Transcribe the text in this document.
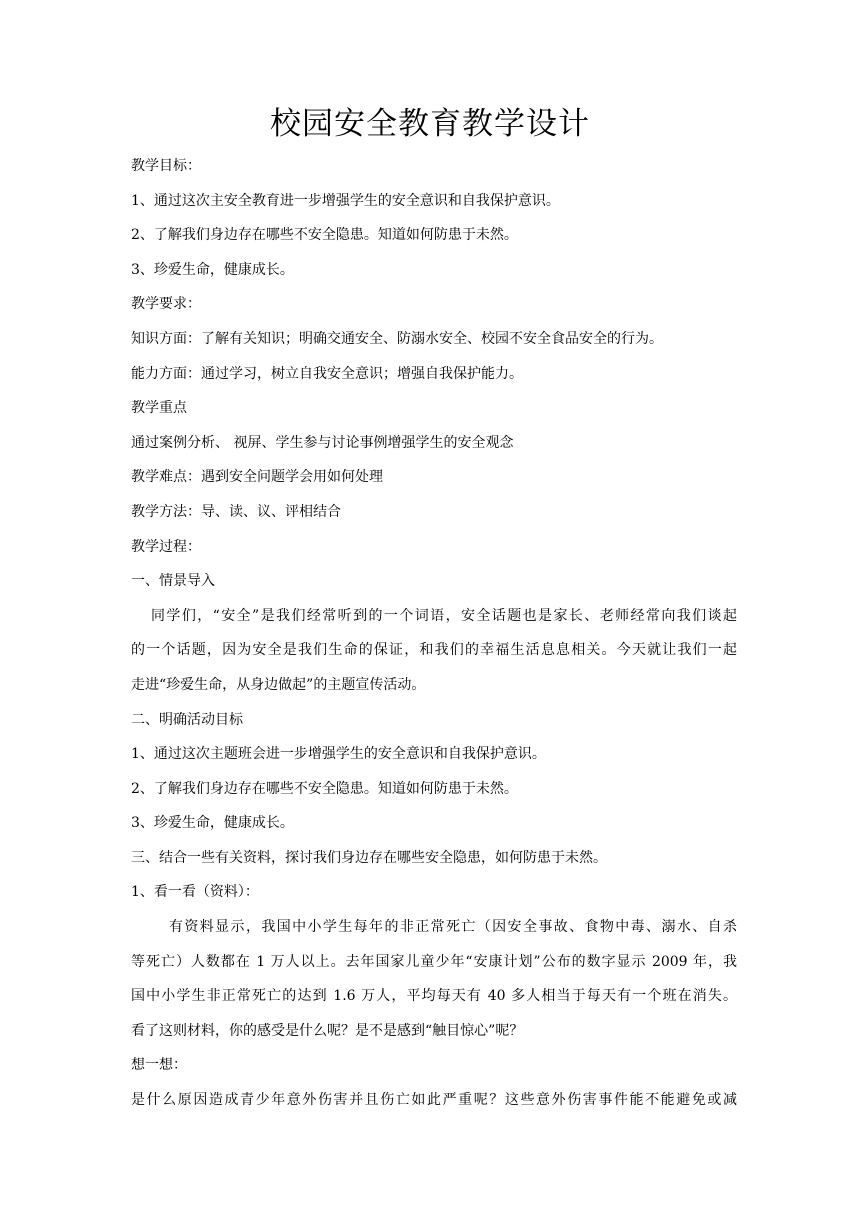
校园安全教育教学设计
教学目标：
1、通过这次主安全教育进一步增强学生的安全意识和自我保护意识。
2、了解我们身边存在哪些不安全隐患。知道如何防患于未然。
3、珍爱生命，健康成长。
教学要求：
知识方面：了解有关知识；明确交通安全、防溺水安全、校园不安全食品安全的行为。
能力方面：通过学习，树立自我安全意识；增强自我保护能力。
教学重点
通过案例分析、 视屏、学生参与讨论事例增强学生的安全观念
教学难点：遇到安全问题学会用如何处理
教学方法：导、读、议、评相结合
教学过程：
一、情景导入
同学们，“安全”是我们经常听到的一个词语，安全话题也是家长、老师经常向我们谈起
的一个话题，因为安全是我们生命的保证，和我们的幸福生活息息相关。今天就让我们一起
走进“珍爱生命，从身边做起”的主题宣传活动。
二、明确活动目标
1、通过这次主题班会进一步增强学生的安全意识和自我保护意识。
2、了解我们身边存在哪些不安全隐患。知道如何防患于未然。
3、珍爱生命，健康成长。
三、结合一些有关资料，探讨我们身边存在哪些安全隐患，如何防患于未然。
1、看一看（资料）：
有资料显示，我国中小学生每年的非正常死亡（因安全事故、食物中毒、溺水、自杀
等死亡）人数都在 1 万人以上。去年国家儿童少年“安康计划”公布的数字显示 2009 年，我
国中小学生非正常死亡的达到 1.6 万人，平均每天有 40 多人相当于每天有一个班在消失。
看了这则材料，你的感受是什么呢？是不是感到“触目惊心”呢？
想一想：
是什么原因造成青少年意外伤害并且伤亡如此严重呢？这些意外伤害事件能不能避免或减
